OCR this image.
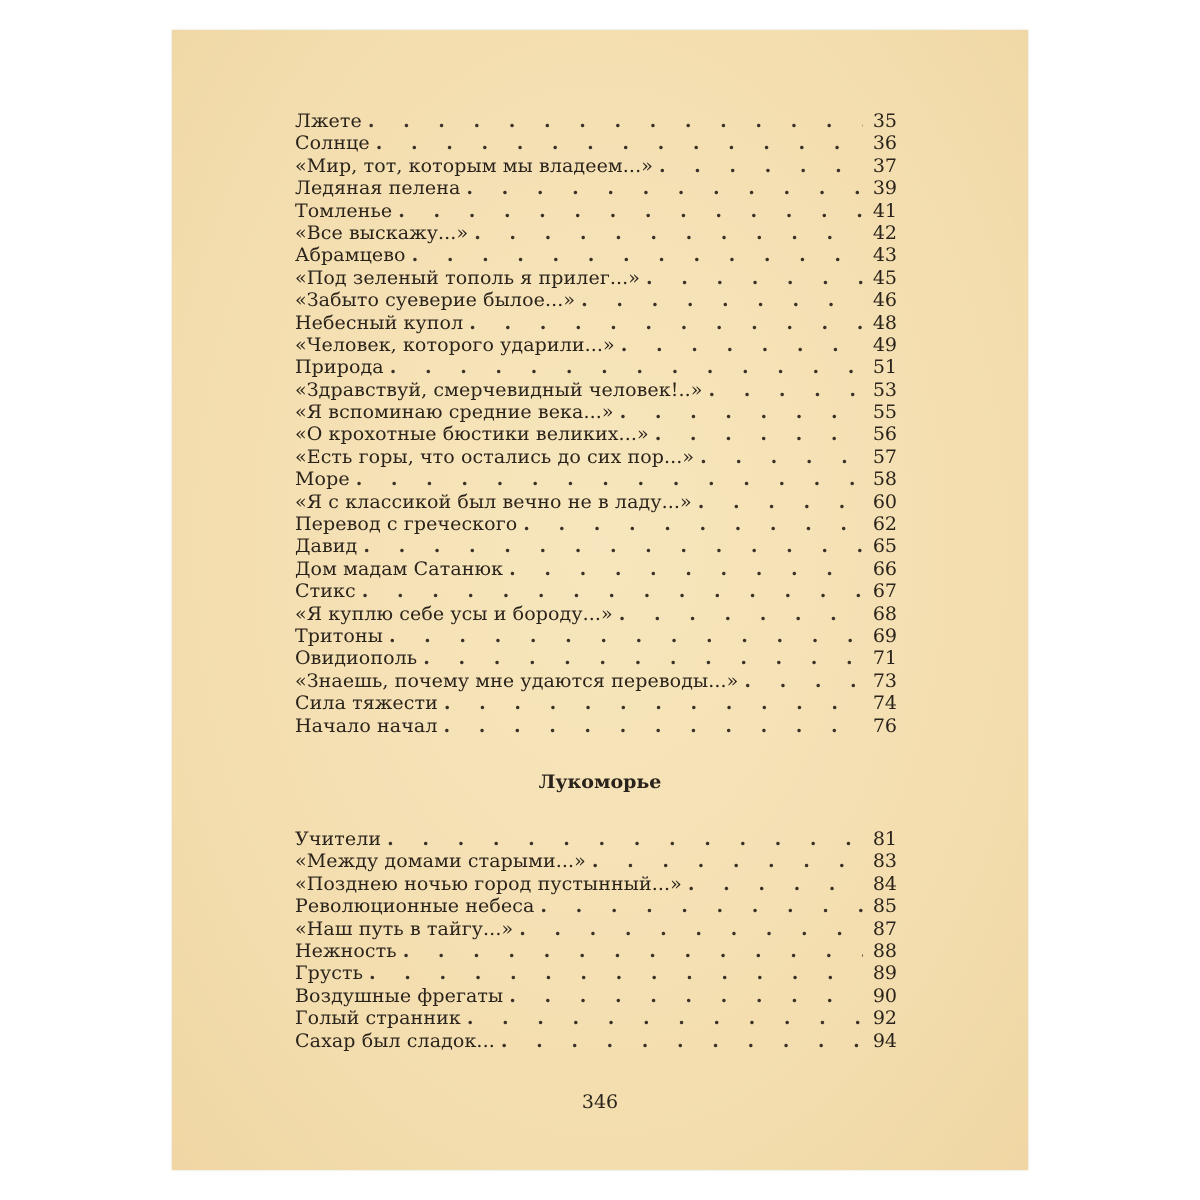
Лжете . . .	35
Солнце . . .	36
«Мир, тот, которым мы владеем...» . . .	37
Ледяная пелена . . .	39
Томленье . . .	41
«Все выскажу...» . . .	42
Абрамцево . . .	43
«Под зеленый тополь я прилег...» . . .	45
«Забыто суеверие былое...» . . .	46
Небесный купол . . .	48
«Человек, которого ударили...» . . .	49
Природа . . .	51
«Здравствуй, смерчевидный человек!..» . . .	53
«Я вспоминаю средние века...» . . .	55
«О крохотные бюстики великих...» . . .	56
«Есть горы, что остались до сих пор...» . . .	57
Море . . .	58
«Я с классикой был вечно не в ладу...» . . .	60
Перевод с греческого . . .	62
Давид . . .	65
Дом мадам Сатанюк . . .	66
Стикс . . .	67
«Я куплю себе усы и бороду...» . . .	68
Тритоны . . .	69
Овидиополь . . .	71
«Знаешь, почему мне удаются переводы...» . . .	73
Сила тяжести . . .	74
Начало начал . . .	76
Лукоморье
Учители . . .	81
«Между домами старыми...» . . .	83
«Позднею ночью город пустынный...» . . .	84
Революционные небеса . . .	85
«Наш путь в тайгу...» . . .	87
Нежность . . .	88
Грусть . . .	89
Воздушные фрегаты . . .	90
Голый странник . . .	92
Сахар был сладок... . . .	94
346
